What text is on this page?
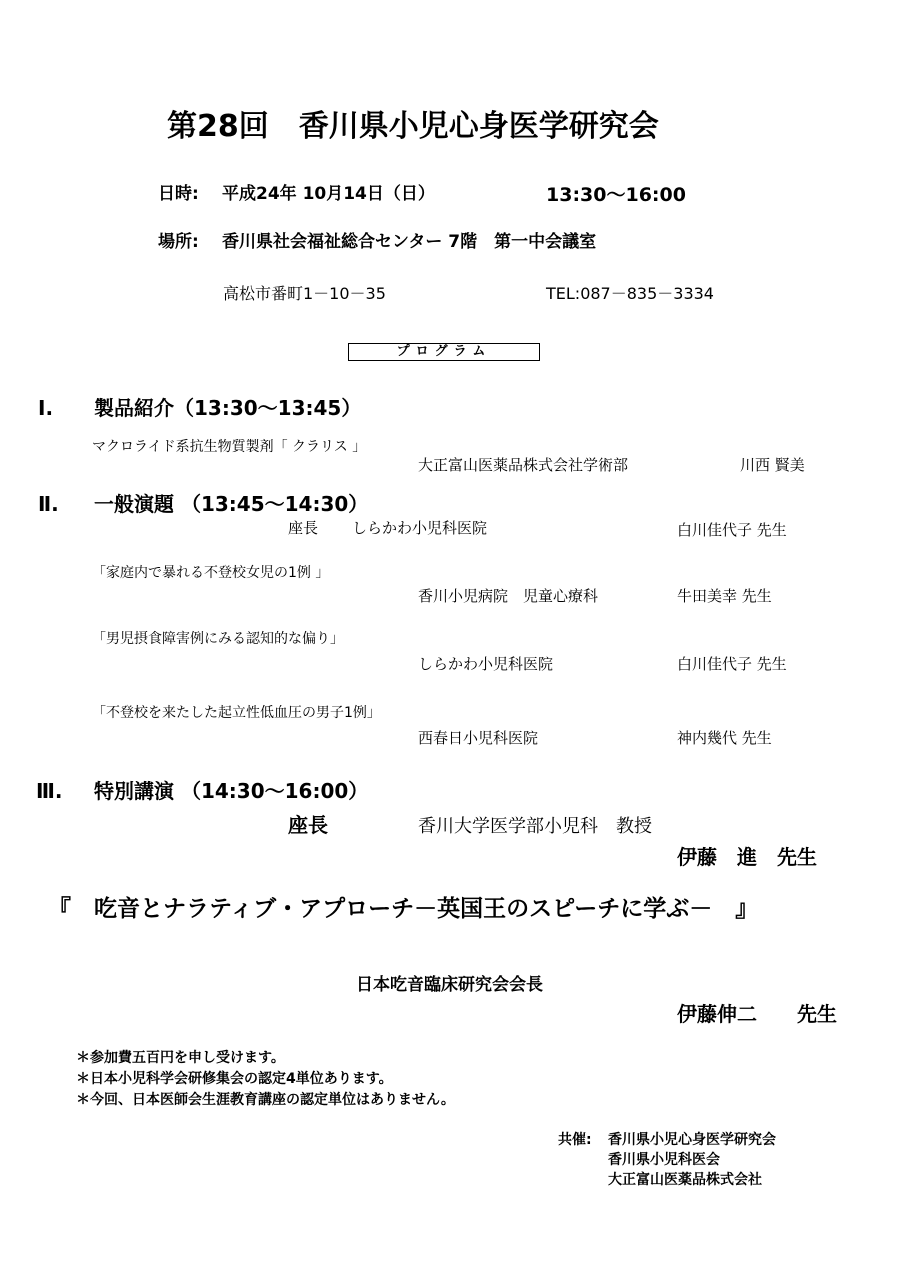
第28回　香川県小児心身医学研究会
日時: 平成24年 10月14日（日）	13:30〜16:00
場所: 香川県社会福祉総合センター 7階　第一中会議室
高松市番町1－10－35	TEL:087－835－3334
プログラム
Ⅰ. 製品紹介（13:30〜13:45）
マクロライド系抗生物質製剤「 クラリス 」
大正富山医薬品株式会社学術部	川西 賢美
Ⅱ. 一般演題 （13:45〜14:30）
座長 しらかわ小児科医院	白川佳代子 先生
「家庭内で暴れる不登校女児の1例 」
香川小児病院　児童心療科	牛田美幸 先生
「男児摂食障害例にみる認知的な偏り」
しらかわ小児科医院	白川佳代子 先生
「不登校を来たした起立性低血圧の男子1例」
西春日小児科医院	神内幾代 先生
Ⅲ. 特別講演 （14:30〜16:00）
座長	香川大学医学部小児科　教授
伊藤　進　先生
『　吃音とナラティブ・アプローチ－英国王のスピーチに学ぶ－　』
日本吃音臨床研究会会長
伊藤伸二　　先生
＊参加費五百円を申し受けます。
＊日本小児科学会研修集会の認定4単位あります。
＊今回、日本医師会生涯教育講座の認定単位はありません。
共催: 香川県小児心身医学研究会
香川県小児科医会
大正富山医薬品株式会社
